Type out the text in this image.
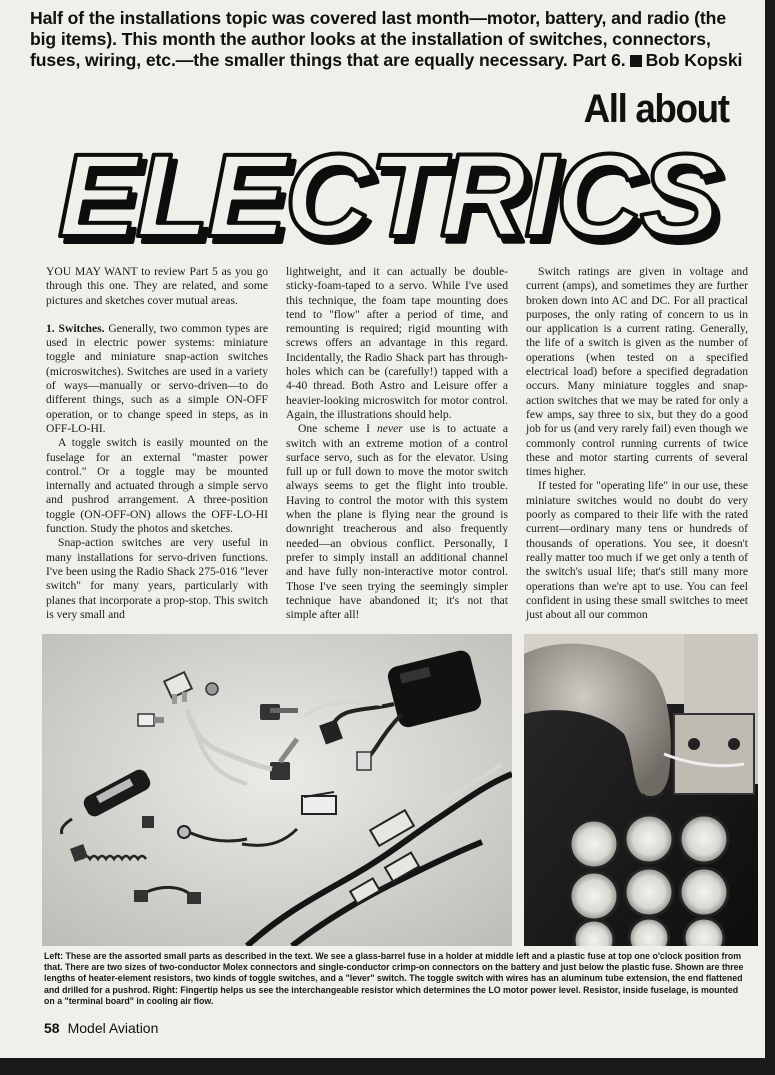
Half of the installations topic was covered last month—motor, battery, and radio (the big items). This month the author looks at the installation of switches, connectors, fuses, wiring, etc.—the smaller things that are equally necessary. Part 6. Bob Kopski
All about
ELECTRICS

YOU MAY WANT to review Part 5 as you go through this one. They are related, and some pictures and sketches cover mutual areas.

1. Switches. Generally, two common types are used in electric power systems: miniature toggle and miniature snap-action switches (microswitches). Switches are used in a variety of ways—manually or servo-driven—to do different things, such as a simple ON-OFF operation, or to change speed in steps, as in OFF-LO-HI.

A toggle switch is easily mounted on the fuselage for an external "master power control." Or a toggle may be mounted internally and actuated through a simple servo and pushrod arrangement. A three-position toggle (ON-OFF-ON) allows the OFF-LO-HI function. Study the photos and sketches.

Snap-action switches are very useful in many installations for servo-driven functions. I've been using the Radio Shack 275-016 "lever switch" for many years, particularly with planes that incorporate a prop-stop. This switch is very small and

lightweight, and it can actually be double-sticky-foam-taped to a servo. While I've used this technique, the foam tape mounting does tend to "flow" after a period of time, and remounting is required; rigid mounting with screws offers an advantage in this regard. Incidentally, the Radio Shack part has through-holes which can be (carefully!) tapped with a 4-40 thread. Both Astro and Leisure offer a heavier-looking microswitch for motor control. Again, the illustrations should help.

One scheme I never use is to actuate a switch with an extreme motion of a control surface servo, such as for the elevator. Using full up or full down to move the motor switch always seems to get the flight into trouble. Having to control the motor with this system when the plane is flying near the ground is downright treacherous and also frequently needed—an obvious conflict. Personally, I prefer to simply install an additional channel and have fully non-interactive motor control. Those I've seen trying the seemingly simpler technique have abandoned it; it's not that simple after all!

Switch ratings are given in voltage and current (amps), and sometimes they are further broken down into AC and DC. For all practical purposes, the only rating of concern to us in our application is a current rating. Generally, the life of a switch is given as the number of operations (when tested on a specified electrical load) before a specified degradation occurs. Many miniature toggles and snap-action switches that we may be rated for only a few amps, say three to six, but they do a good job for us (and very rarely fail) even though we commonly control running currents of twice these and motor starting currents of several times higher.

If tested for "operating life" in our use, these miniature switches would no doubt do very poorly as compared to their life with the rated current—ordinary many tens or hundreds of thousands of operations. You see, it doesn't really matter too much if we get only a tenth of the switch's usual life; that's still many more operations than we're apt to use. You can feel confident in using these small switches to meet just about all our common

Left: These are the assorted small parts as described in the text. We see a glass-barrel fuse in a holder at middle left and a plastic fuse at top one o'clock position from that. There are two sizes of two-conductor Molex connectors and single-conductor crimp-on connectors on the battery and just below the plastic fuse. Shown are three lengths of heater-element resistors, two kinds of toggle switches, and a "lever" switch. The toggle switch with wires has an aluminum tube extension, the end flattened and drilled for a pushrod. Right: Fingertip helps us see the interchangeable resistor which determines the LO motor power level. Resistor, inside fuselage, is mounted on a "terminal board" in cooling air flow.
58 Model Aviation
